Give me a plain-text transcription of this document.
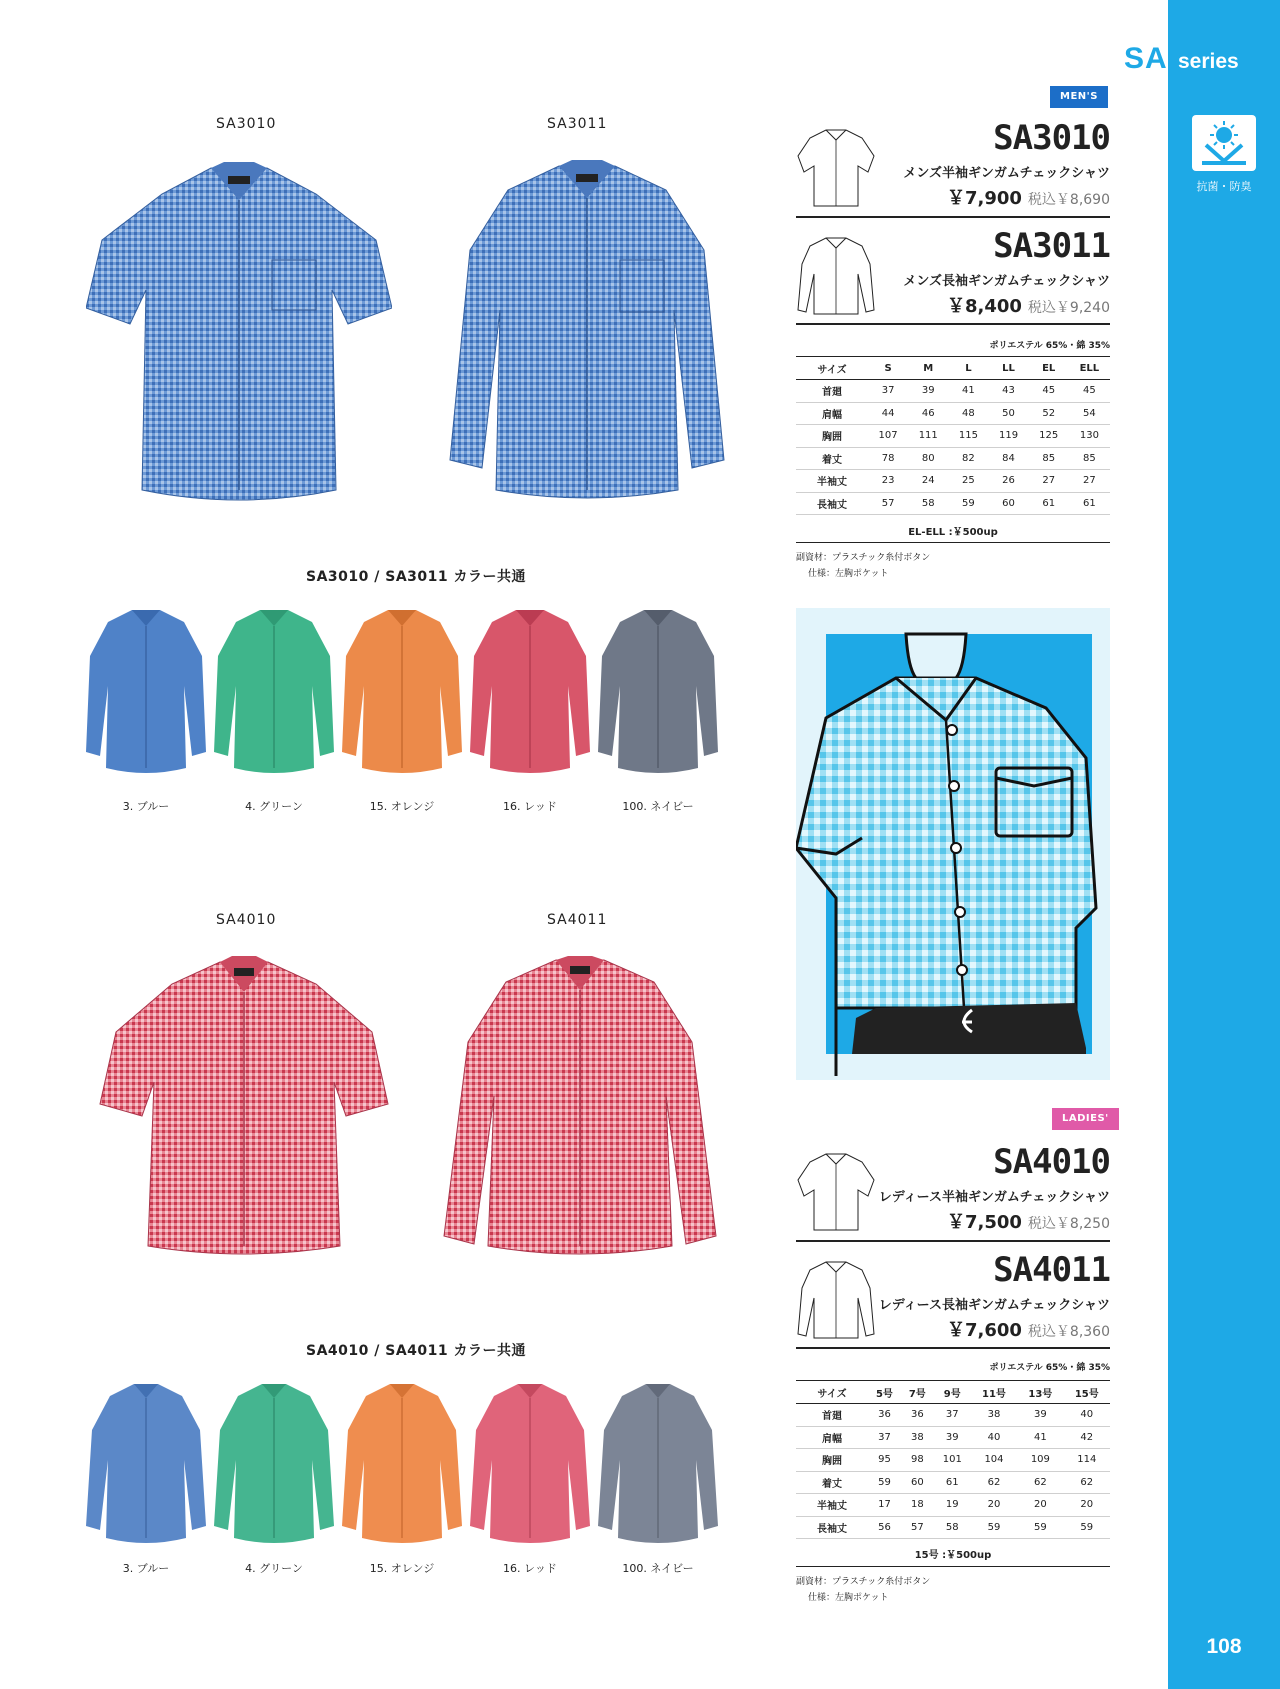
SA series
抗菌・防臭
108
SA3010	SA3011
SA3010 / SA3011 カラー共通
3. ブルー	4. グリーン	15. オレンジ	16. レッド	100. ネイビー
SA4010	SA4011
SA4010 / SA4011 カラー共通
3. ブルー	4. グリーン	15. オレンジ	16. レッド	100. ネイビー
MEN'S
SA3010
メンズ半袖ギンガムチェックシャツ
￥7,900 税込￥8,690
SA3011
メンズ長袖ギンガムチェックシャツ
￥8,400 税込￥9,240
ポリエステル 65%・綿 35%
サイズ	S	M	L	LL	EL	ELL
首廻	37	39	41	43	45	45
肩幅	44	46	48	50	52	54
胸囲	107	111	115	119	125	130
着丈	78	80	82	84	85	85
半袖丈	23	24	25	26	27	27
長袖丈	57	58	59	60	61	61
EL-ELL :￥500up
副資材：プラスチック糸付ボタン
仕様：左胸ポケット
LADIES'
SA4010
レディース半袖ギンガムチェックシャツ
￥7,500 税込￥8,250
SA4011
レディース長袖ギンガムチェックシャツ
￥7,600 税込￥8,360
ポリエステル 65%・綿 35%
サイズ	5号	7号	9号	11号	13号	15号
首廻	36	36	37	38	39	40
肩幅	37	38	39	40	41	42
胸囲	95	98	101	104	109	114
着丈	59	60	61	62	62	62
半袖丈	17	18	19	20	20	20
長袖丈	56	57	58	59	59	59
15号 :￥500up
副資材：プラスチック糸付ボタン
仕様：左胸ポケット
